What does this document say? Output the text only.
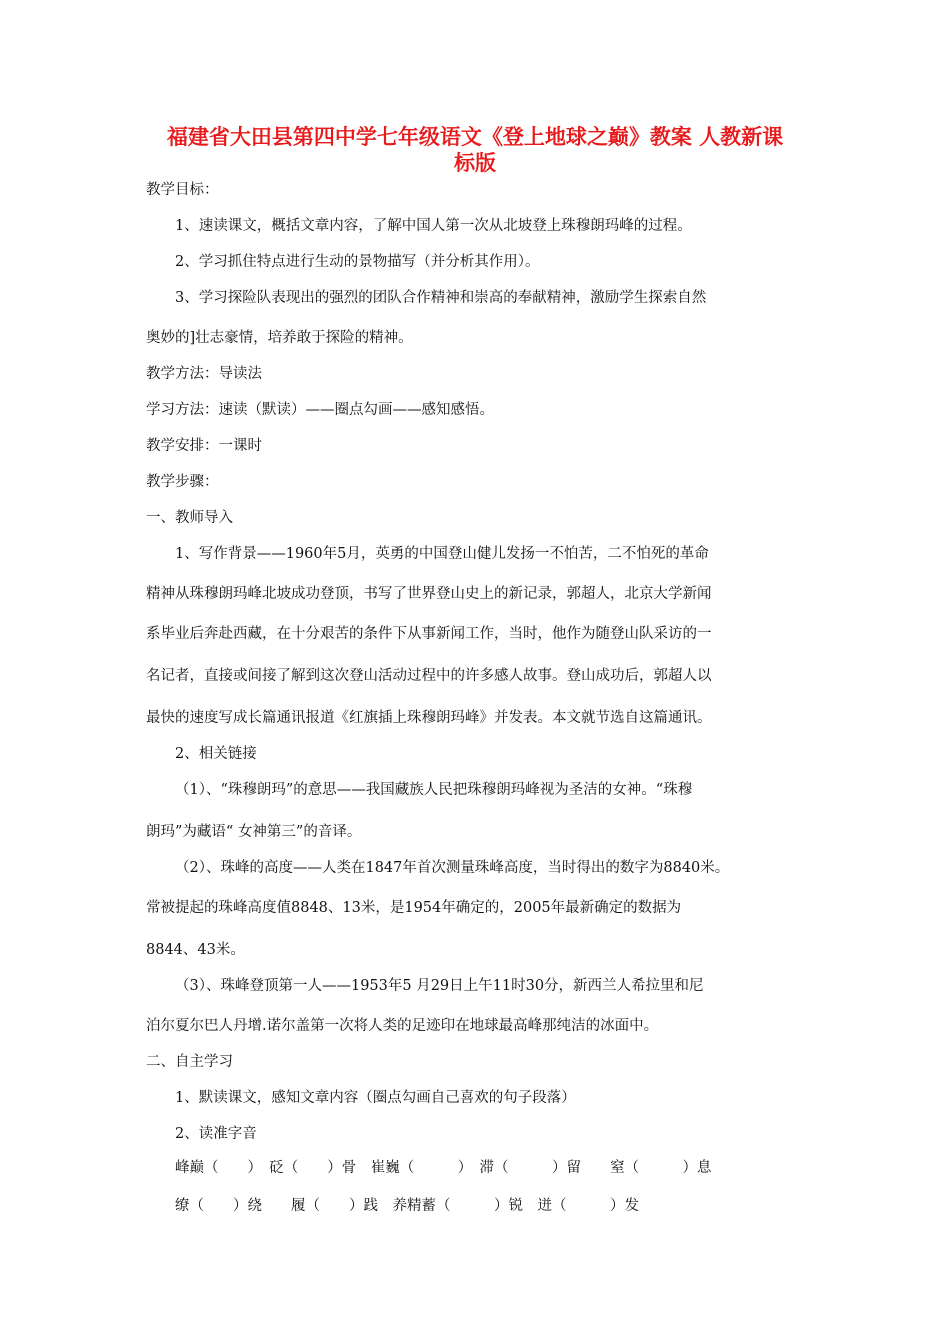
福建省大田县第四中学七年级语文《登上地球之巅》教案 人教新课
标版

教学目标：

1、速读课文，概括文章内容，了解中国人第一次从北坡登上珠穆朗玛峰的过程。

2、学习抓住特点进行生动的景物描写（并分析其作用）。

3、学习探险队表现出的强烈的团队合作精神和崇高的奉献精神，激励学生探索自然

奥妙的]壮志豪情，培养敢于探险的精神。

教学方法：导读法

学习方法：速读（默读）——圈点勾画——感知感悟。

教学安排：一课时

教学步骤：

一、教师导入

1、写作背景——1960年5月，英勇的中国登山健儿发扬一不怕苦，二不怕死的革命

精神从珠穆朗玛峰北坡成功登顶，书写了世界登山史上的新记录，郭超人，北京大学新闻

系毕业后奔赴西藏，在十分艰苦的条件下从事新闻工作，当时，他作为随登山队采访的一

名记者，直接或间接了解到这次登山活动过程中的许多感人故事。登山成功后，郭超人以

最快的速度写成长篇通讯报道《红旗插上珠穆朗玛峰》并发表。本文就节选自这篇通讯。

2、相关链接

（1）、“珠穆朗玛”的意思——我国藏族人民把珠穆朗玛峰视为圣洁的女神。“珠穆

朗玛”为藏语“ 女神第三”的音译。

（2）、珠峰的高度——人类在1847年首次测量珠峰高度，当时得出的数字为8840米。

常被提起的珠峰高度值8848、13米，是1954年确定的，2005年最新确定的数据为

8844、43米。

（3）、珠峰登顶第一人——1953年5 月29日上午11时30分，新西兰人希拉里和尼

泊尔夏尔巴人丹增.诺尔盖第一次将人类的足迹印在地球最高峰那纯洁的冰面中。

二、自主学习

1、默读课文，感知文章内容（圈点勾画自己喜欢的句子段落）

2、读准字音

峰巅（　　）　砭（　　）骨　崔巍（　　　）　滞（　　　）留　　窒（　　　）息

缭（　　）绕　　履（　　）践　养精蓄（　　　）锐　迸（　　　）发
